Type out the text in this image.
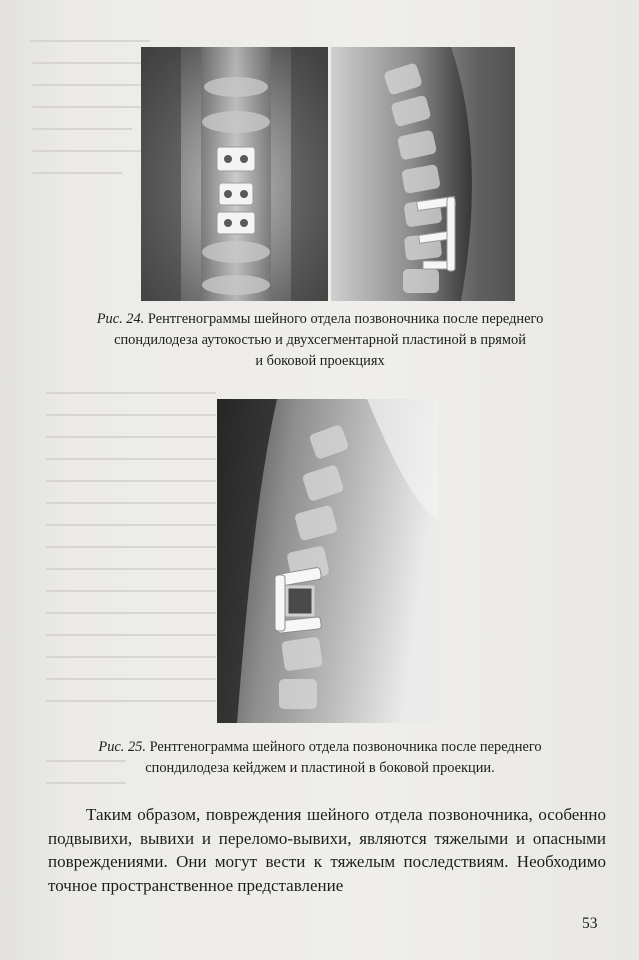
Рис. 24. Рентгенограммы шейного отдела позвоночника после переднего
спондилодеза аутокостью и двухсегментарной пластиной в прямой
и боковой проекциях
Рис. 25. Рентгенограмма шейного отдела позвоночника после переднего
спондилодеза кейджем и пластиной в боковой проекции.

Таким образом, повреждения шейного отдела позвоночника, особенно подвывихи, вывихи и переломо-вывихи, являются тяжелыми и опасными повреждениями. Они могут вести к тяжелым последствиям. Необходимо точное пространственное представление

53
